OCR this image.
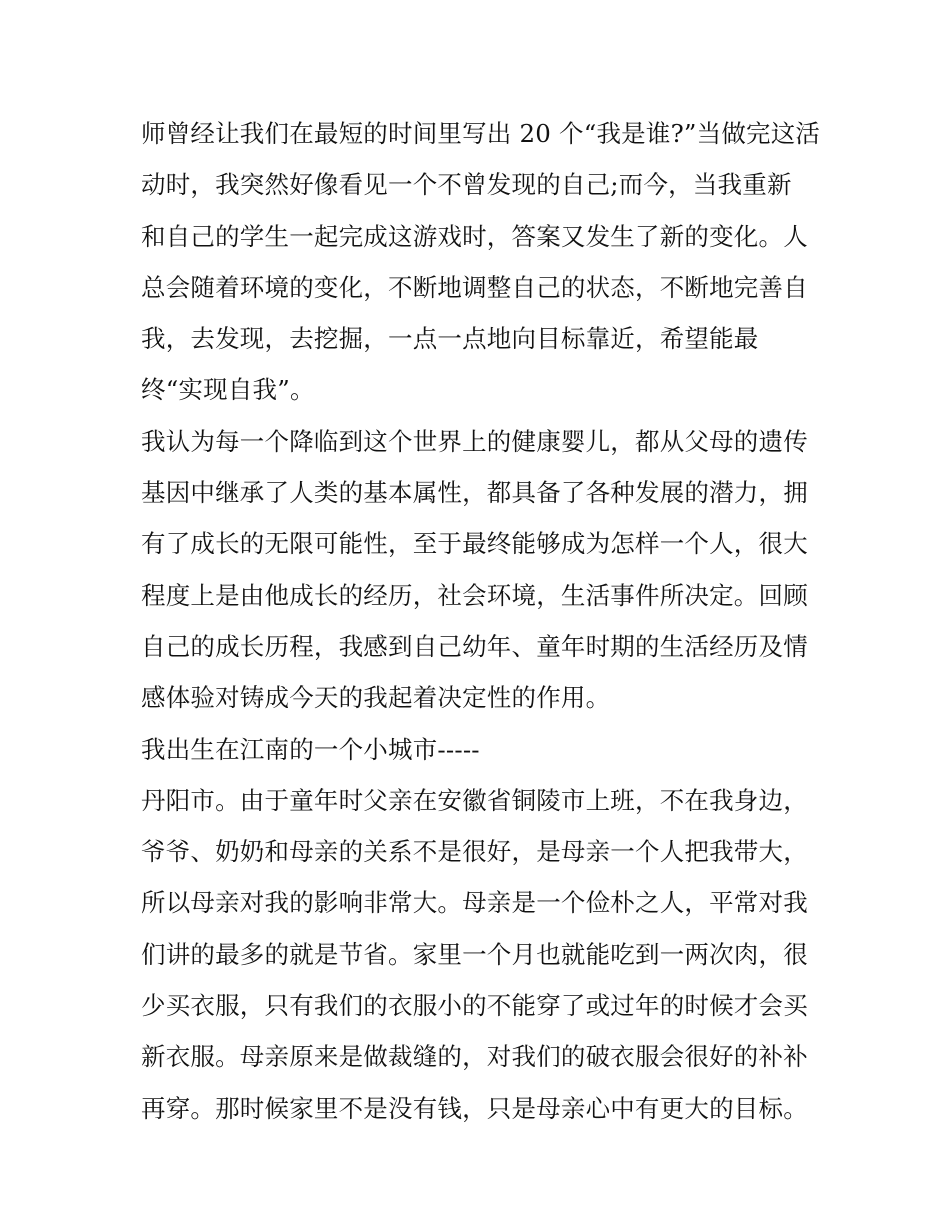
师曾经让我们在最短的时间里写出 20 个“我是谁?”当做完这活
动时，我突然好像看见一个不曾发现的自己;而今，当我重新
和自己的学生一起完成这游戏时，答案又发生了新的变化。人
总会随着环境的变化，不断地调整自己的状态，不断地完善自
我，去发现，去挖掘，一点一点地向目标靠近，希望能最
终“实现自我”。
我认为每一个降临到这个世界上的健康婴儿，都从父母的遗传
基因中继承了人类的基本属性，都具备了各种发展的潜力，拥
有了成长的无限可能性，至于最终能够成为怎样一个人，很大
程度上是由他成长的经历，社会环境，生活事件所决定。回顾
自己的成长历程，我感到自己幼年、童年时期的生活经历及情
感体验对铸成今天的我起着决定性的作用。
我出生在江南的一个小城市-----
丹阳市。由于童年时父亲在安徽省铜陵市上班，不在我身边，
爷爷、奶奶和母亲的关系不是很好，是母亲一个人把我带大，
所以母亲对我的影响非常大。母亲是一个俭朴之人，平常对我
们讲的最多的就是节省。家里一个月也就能吃到一两次肉，很
少买衣服，只有我们的衣服小的不能穿了或过年的时候才会买
新衣服。母亲原来是做裁缝的，对我们的破衣服会很好的补补
再穿。那时候家里不是没有钱，只是母亲心中有更大的目标。
